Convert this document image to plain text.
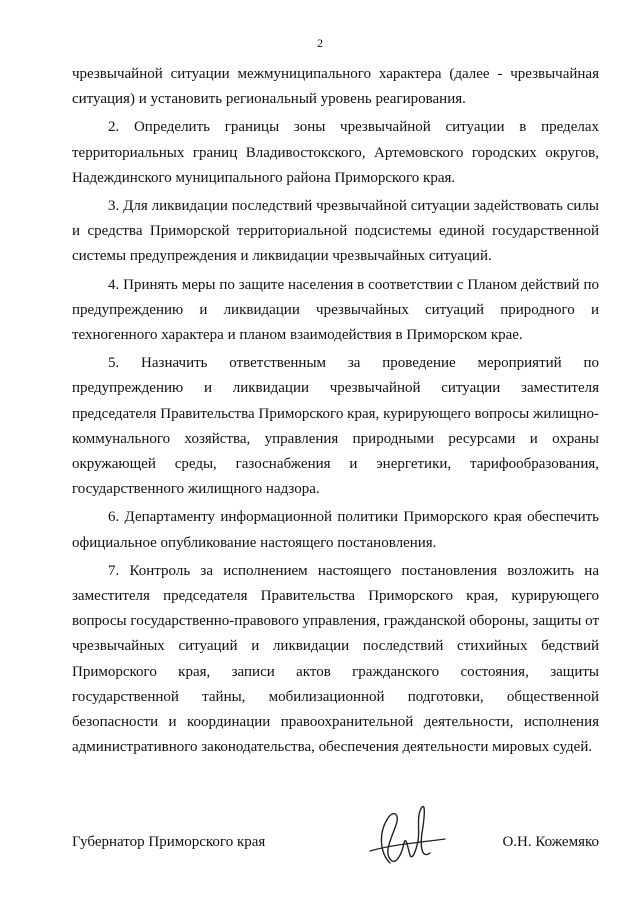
2

чрезвычайной ситуации межмуниципального характера (далее - чрезвычайная ситуация) и установить региональный уровень реагирования.

2. Определить границы зоны чрезвычайной ситуации в пределах территориальных границ Владивостокского, Артемовского городских округов, Надеждинского муниципального района Приморского края.

3. Для ликвидации последствий чрезвычайной ситуации задействовать силы и средства Приморской территориальной подсистемы единой государственной системы предупреждения и ликвидации чрезвычайных ситуаций.

4. Принять меры по защите населения в соответствии с Планом действий по предупреждению и ликвидации чрезвычайных ситуаций природного и техногенного характера и планом взаимодействия в Приморском крае.

5. Назначить ответственным за проведение мероприятий по предупреждению и ликвидации чрезвычайной ситуации заместителя председателя Правительства Приморского края, курирующего вопросы жилищно-коммунального хозяйства, управления природными ресурсами и охраны окружающей среды, газоснабжения и энергетики, тарифообразования, государственного жилищного надзора.

6. Департаменту информационной политики Приморского края обеспечить официальное опубликование настоящего постановления.

7. Контроль за исполнением настоящего постановления возложить на заместителя председателя Правительства Приморского края, курирующего вопросы государственно-правового управления, гражданской обороны, защиты от чрезвычайных ситуаций и ликвидации последствий стихийных бедствий Приморского края, записи актов гражданского состояния, защиты государственной тайны, мобилизационной подготовки, общественной безопасности и координации правоохранительной деятельности, исполнения административного законодательства, обеспечения деятельности мировых судей.

Губернатор Приморского края	О.Н. Кожемяко
